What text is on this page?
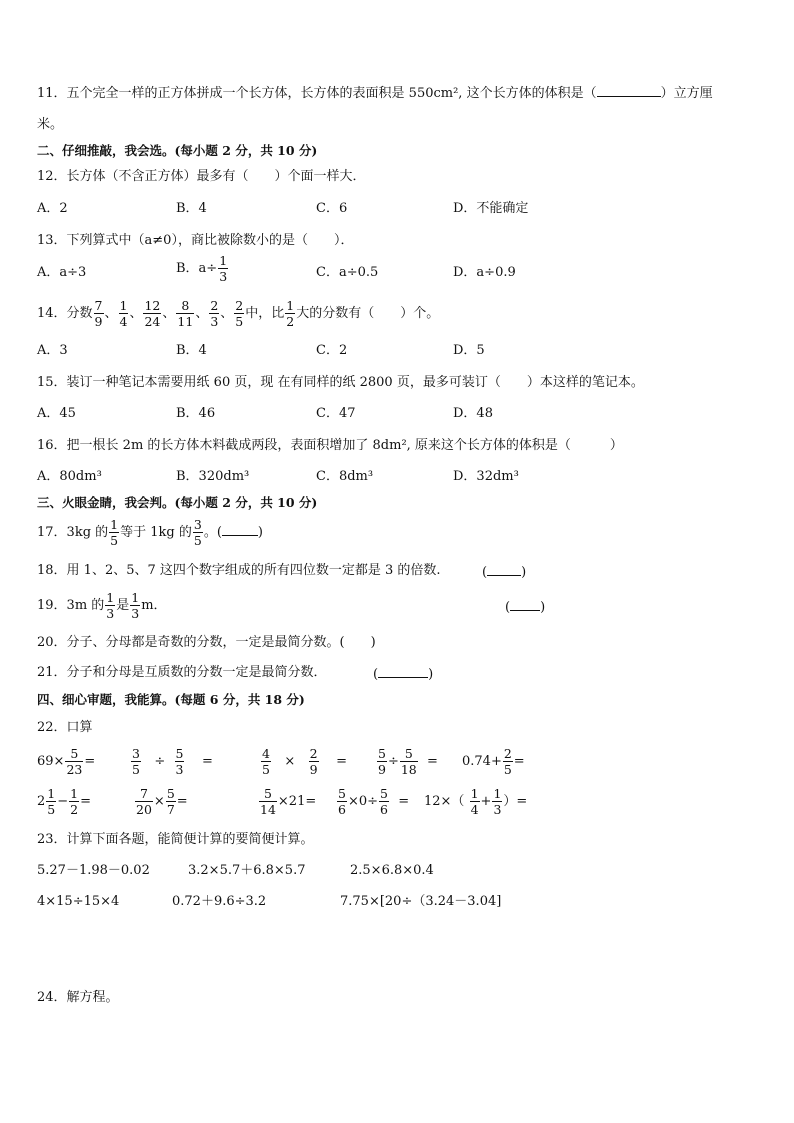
11．五个完全一样的正方体拼成一个长方体，长方体的表面积是 550cm², 这个长方体的体积是（	）立方厘
米。
二、仔细推敲，我会选。(每小题 2 分，共 10 分)
12．长方体（不含正方体）最多有（　　）个面一样大．
A．2	B．4	C．6	D．不能确定
13．下列算式中（a≠0），商比被除数小的是（　　）．
A．a÷3	B．$a\div \frac{1}{3}$	C．a÷0.5	D．a÷0.9
14．分数 $\frac{7}{9}$ 、 $\frac{1}{4}$ 、 $\frac{12}{24}$ 、 $\frac{8}{11}$ 、 $\frac{2}{3}$ 、 $\frac{2}{5}$ 中，比 $\frac{1}{2}$ 大的分数有（　　）个。
A．3	B．4	C．2	D．5
15．装订一种笔记本需要用纸 60 页，现 在有同样的纸 2800 页，最多可装订（　　）本这样的笔记本。
A．45	B．46	C．47	D．48
16．把一根长 2m 的长方体木料截成两段，表面积增加了 8dm², 原来这个长方体的体积是（　　　）
A．80dm³	B．320dm³	C．8dm³	D．32dm³
三、火眼金睛，我会判。(每小题 2 分，共 10 分)
17．3kg 的 $\frac{1}{5}$ 等于 1kg 的 $\frac{3}{5}$ 。(	)
18．用 1、2、5、7 这四个数字组成的所有四位数一定都是 3 的倍数.	(	)
19．3m 的 $\frac{1}{3}$ 是 $\frac{1}{3}$ m．	( )
20．分子、分母都是奇数的分数，一定是最简分数。(　　)
21．分子和分母是互质数的分数一定是最简分数．	(	)
四、细心审题，我能算。(每题 6 分，共 18 分)
22．口算
$69\times \frac{5}{23}$ =	$\frac{3}{5} \div \frac{5}{3}$ =	$\frac{4}{5} \times \frac{2}{9} = \frac{5}{9} \div \frac{5}{18} = 0.74+ \frac{2}{5}$ =
$2 \frac{1}{5} - \frac{1}{2}$ =	$\frac{7}{20} \times \frac{5}{7}$ =	$\frac{5}{14} \times 21= \frac{5}{6} \times 0\div \frac{5}{6} = 12\times( \frac{1}{4} + \frac{1}{3}$ ）=
23．计算下面各题，能简便计算的要简便计算。
5.27－1.98－0.02	3.2×5.7＋6.8×5.7	2.5×6.8×0.4
4×15÷15×4	0.72＋9.6÷3.2	7.75×[20÷（3.24－3.04]
24．解方程。
